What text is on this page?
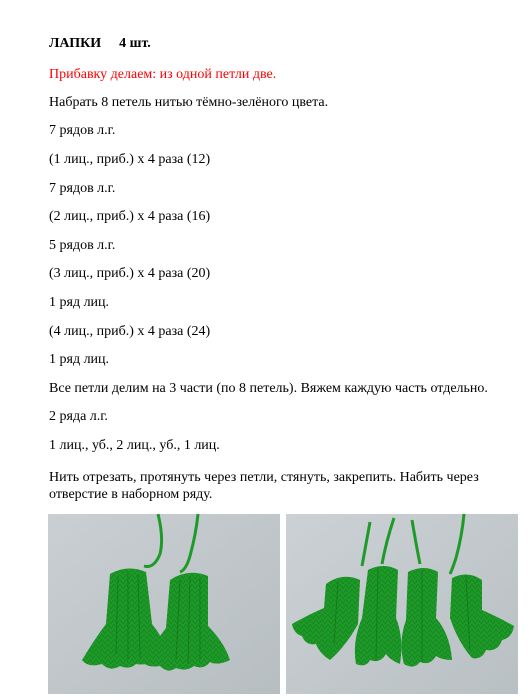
ЛАПКИ 4 шт.
Прибавку делаем: из одной петли две.
Набрать 8 петель нитью тёмно-зелёного цвета.
7 рядов л.г.
(1 лиц., приб.) х 4 раза (12)
7 рядов л.г.
(2 лиц., приб.) х 4 раза (16)
5 рядов л.г.
(3 лиц., приб.) х 4 раза (20)
1 ряд лиц.
(4 лиц., приб.) х 4 раза (24)
1 ряд лиц.
Все петли делим на 3 части (по 8 петель). Вяжем каждую часть отдельно.
2 ряда л.г.
1 лиц., уб., 2 лиц., уб., 1 лиц.
Нить отрезать, протянуть через петли, стянуть, закрепить. Набить через отверстие в наборном ряду.
